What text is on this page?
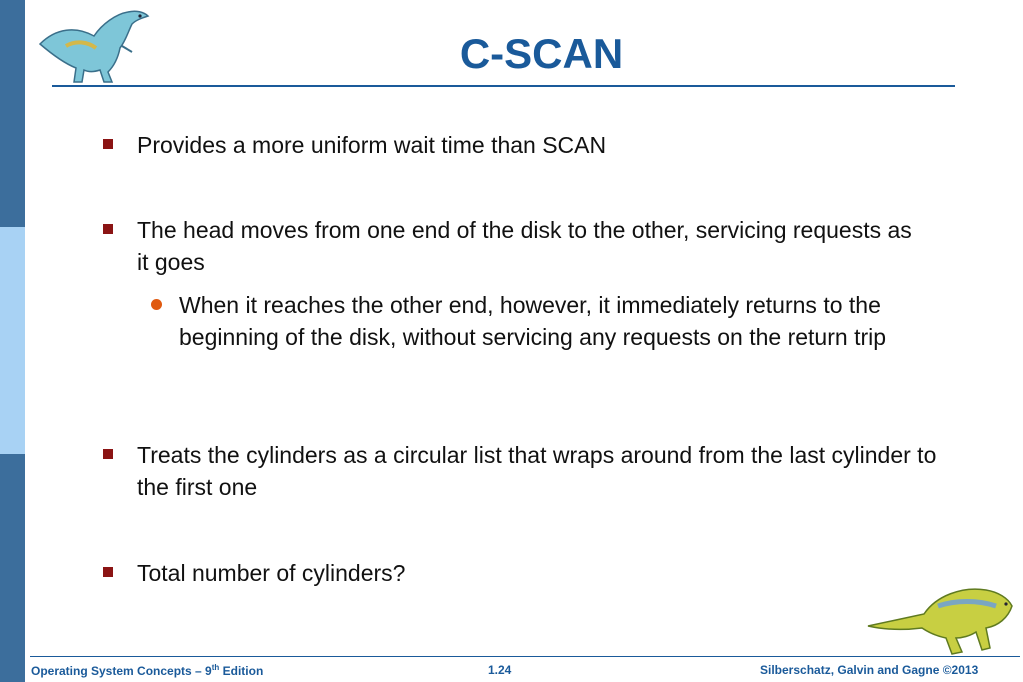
C-SCAN
Provides a more uniform wait time than SCAN
The head moves from one end of the disk to the other, servicing requests as it goes
When it reaches the other end, however, it immediately returns to the beginning of the disk, without servicing any requests on the return trip
Treats the cylinders as a circular list that wraps around from the last cylinder to the first one
Total number of cylinders?
Operating System Concepts – 9th Edition	1.24	Silberschatz, Galvin and Gagne ©2013
